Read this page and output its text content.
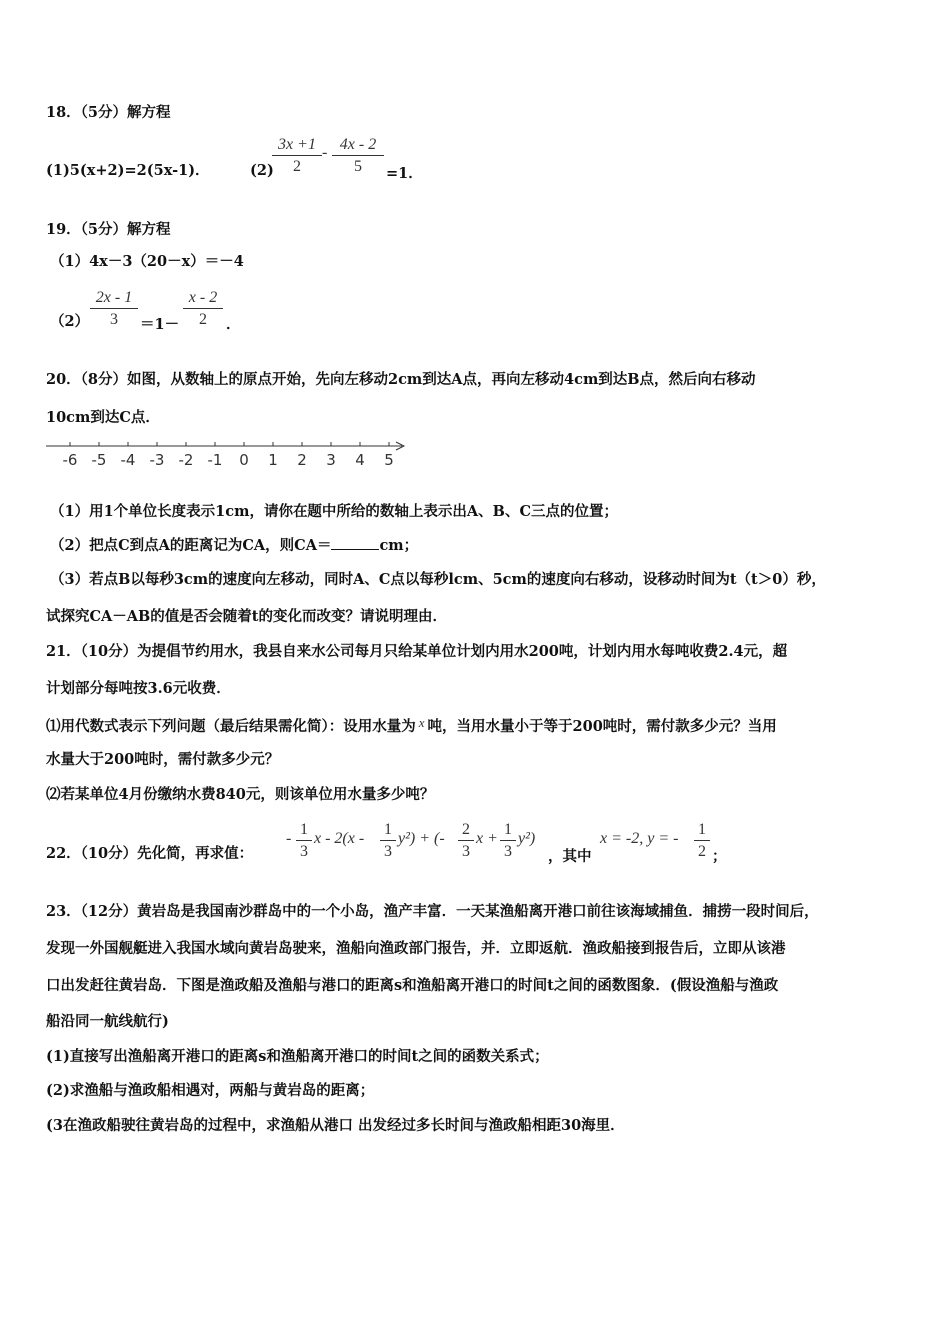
18．（5分）解方程
(1)5(x+2)=2(5x-1)．	(2)
$\frac{3x +1}{2} - \frac{4x - 2}{5} =1$．
19．（5分）解方程
（1）4x－3（20－x）＝－4
$(2) \frac{2x - 1}{3} =1- \frac{x - 2}{2}$ ．
20．（8分）如图，从数轴上的原点开始，先向左移动2cm到达A点，再向左移动4cm到达B点，然后向右移动
10cm到达C点．
-6 -5 -4 -3 -2 -1 0 1 2 3 4 5
（1）用1个单位长度表示1cm，请你在题中所给的数轴上表示出A、B、C三点的位置；
（2）把点C到点A的距离记为CA，则CA＝	cm；
（3）若点B以每秒3cm的速度向左移动，同时A、C点以每秒lcm、5cm的速度向右移动，设移动时间为t（t＞0）秒，
试探究CA－AB的值是否会随着t的变化而改变？请说明理由．
21．（10分）为提倡节约用水，我县自来水公司每月只给某单位计划内用水200吨，计划内用水每吨收费2.4元，超
计划部分每吨按3.6元收费．
⑴用代数式表示下列问题（最后结果需化简）：设用水量为 x 吨，当用水量小于等于200吨时，需付款多少元？当用
水量大于200吨时，需付款多少元？
⑵若某单位4月份缴纳水费840元，则该单位用水量多少吨？
22．（10分）先化简，再求值：
- $\frac{1}{3}$ x - $2(x - \frac{1}{3} y^2)$ + (- $\frac{2}{3}$ $x + \frac{1}{3} y^2$)
，其中
x = -2, y = - $\frac{1}{2}$ ；
23．（12分）黄岩岛是我国南沙群岛中的一个小岛，渔产丰富．一天某渔船离开港口前往该海域捕鱼．捕捞一段时间后，
发现一外国舰艇进入我国水域向黄岩岛驶来，渔船向渔政部门报告，并．立即返航．渔政船接到报告后，立即从该港
口出发赶往黄岩岛．下图是渔政船及渔船与港口的距离s和渔船离开港口的时间t之间的函数图象．(假设渔船与渔政
船沿同一航线航行)
(1)直接写出渔船离开港口的距离s和渔船离开港口的时间t之间的函数关系式；
(2)求渔船与渔政船相遇对，两船与黄岩岛的距离；
(3在渔政船驶往黄岩岛的过程中，求渔船从港口 出发经过多长时间与渔政船相距30海里．
